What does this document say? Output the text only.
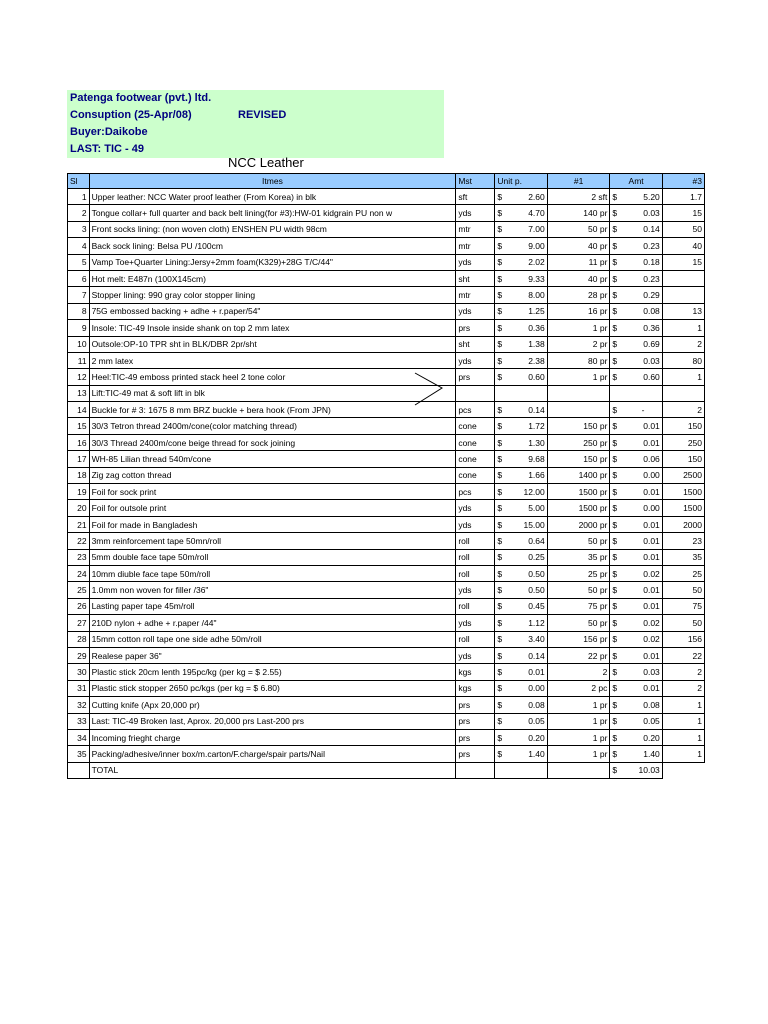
Patenga footwear (pvt.) ltd.
Consuption (25-Apr/08)	REVISED
Buyer:Daikobe
LAST: TIC - 49
NCC Leather
Sl	Itmes	Mst	Unit p.		#1	Amt		#3
1	Upper leather: NCC Water proof leather (From Korea) in blk	sft	$	2.60	2 sft	$	5.20	1.7
2	Tongue collar+ full quarter and back belt lining(for #3):HW-01 kidgrain PU non w	yds	$	4.70	140 pr	$	0.03	15
3	Front socks lining: (non woven cloth) ENSHEN PU width 98cm	mtr	$	7.00	50 pr	$	0.14	50
4	Back sock lining: Belsa PU /100cm	mtr	$	9.00	40 pr	$	0.23	40
5	Vamp Toe+Quarter Lining:Jersy+2mm foam(K329)+28G T/C/44"	yds	$	2.02	11 pr	$	0.18	15
6	Hot melt: E487n (100X145cm)	sht	$	9.33	40 pr	$	0.23	
7	Stopper lining: 990 gray color stopper lining	mtr	$	8.00	28 pr	$	0.29	
8	75G embossed backing + adhe + r.paper/54"	yds	$	1.25	16 pr	$	0.08	13
9	Insole: TIC-49 Insole inside shank on top 2 mm latex	prs	$	0.36	1 pr	$	0.36	1
10	Outsole:OP-10 TPR sht in BLK/DBR 2pr/sht	sht	$	1.38	2 pr	$	0.69	2
11	2 mm latex	yds	$	2.38	80 pr	$	0.03	80
12	Heel:TIC-49 emboss printed stack heel 2 tone color	prs	$	0.60	1 pr	$	0.60	1
13	Lift:TIC-49 mat & soft lift in blk							
14	Buckle for # 3: 1675 8 mm BRZ buckle + bera hook (From JPN)	pcs	$	0.14		$	-	2
15	30/3 Tetron thread 2400m/cone(color matching thread)	cone	$	1.72	150 pr	$	0.01	150
16	30/3 Thread 2400m/cone beige thread for sock joining	cone	$	1.30	250 pr	$	0.01	250
17	WH-85 Lilian thread 540m/cone	cone	$	9.68	150 pr	$	0.06	150
18	Zig zag cotton thread	cone	$	1.66	1400 pr	$	0.00	2500
19	Foil for sock print	pcs	$	12.00	1500 pr	$	0.01	1500
20	Foil for outsole print	yds	$	5.00	1500 pr	$	0.00	1500
21	Foil for made in Bangladesh	yds	$	15.00	2000 pr	$	0.01	2000
22	3mm reinforcement tape 50mn/roll	roll	$	0.64	50 pr	$	0.01	23
23	5mm double face tape 50m/roll	roll	$	0.25	35 pr	$	0.01	35
24	10mm diuble face tape 50m/roll	roll	$	0.50	25 pr	$	0.02	25
25	1.0mm non woven for filler /36"	yds	$	0.50	50 pr	$	0.01	50
26	Lasting paper tape 45m/roll	roll	$	0.45	75 pr	$	0.01	75
27	210D nylon + adhe + r.paper /44"	yds	$	1.12	50 pr	$	0.02	50
28	15mm cotton roll tape one side adhe 50m/roll	roll	$	3.40	156 pr	$	0.02	156
29	Realese paper 36"	yds	$	0.14	22 pr	$	0.01	22
30	Plastic stick 20cm lenth 195pc/kg (per kg = $ 2.55)	kgs	$	0.01	2	$	0.03	2
31	Plastic stick stopper 2650 pc/kgs (per kg = $ 6.80)	kgs	$	0.00	2 pc	$	0.01	2
32	Cutting knife (Apx 20,000 pr)	prs	$	0.08	1 pr	$	0.08	1
33	Last: TIC-49 Broken last, Aprox. 20,000 prs Last-200 prs	prs	$	0.05	1 pr	$	0.05	1
34	Incoming frieght charge	prs	$	0.20	1 pr	$	0.20	1
35	Packing/adhesive/inner box/m.carton/F.charge/spair parts/Nail	prs	$	1.40	1 pr	$	1.40	1
	TOTAL					$	10.03	
